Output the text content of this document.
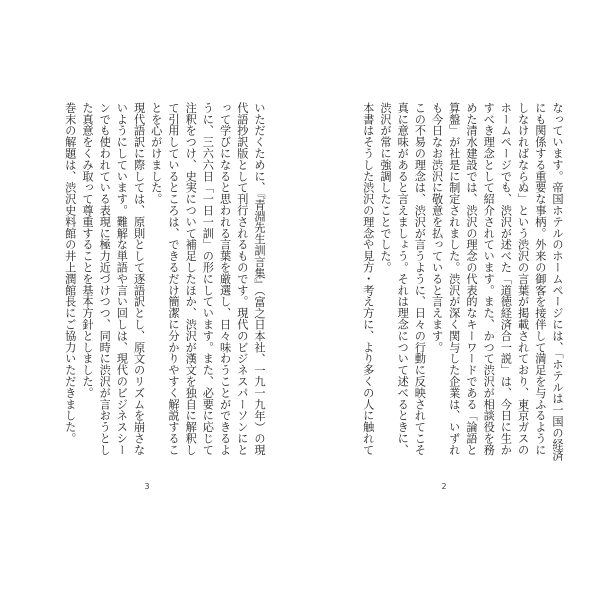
いただくために、『青淵先生訓言集』（富之日本社、一九一九年）の現代語抄訳版として刊行されるものです。現代のビジネスパーソンにとって学びになると思われる言葉を厳選し、日々味わうことができるように、三六六日「一日一訓」の形にしています。また、必要に応じて注釈をつけ、史実について補足したほか、渋沢が漢文を独自に解釈して引用しているところは、できるだけ簡潔に分かりやすく解説することを心がけました。

現代語訳に際しては、原則として逐語訳とし、原文のリズムを崩さないようにしています。難解な単語や言い回しは、現代のビジネスシーンでも使われている表現に極力近づけつつ、同時に渋沢が言おうとした真意をくみ取って尊重することを基本方針としました。

巻末の解題は、渋沢史料館の井上潤館長にご協力いただきました。

3

なっています。帝国ホテルのホームページには、「ホテルは一国の経済にも関係する重要な事柄。外来の御客を接伴して満足を与ふるようにしなければならぬ」という渋沢の言葉が掲載されており、東京ガスのホームページでも、渋沢が述べた「道徳経済合一説」は、今日に生かすべき理念として紹介されています。また、かつて渋沢が相談役を務めた清水建設では、渋沢の理念の代表的なキーワードである「論語と算盤」が社是に制定されました。渋沢が深く関与した企業は、いずれも今日なお渋沢に敬意を払っていると言えます。

この不易の理念は、渋沢が言うように、日々の行動に反映されてこそ真に意味があると言えましょう。それは理念について述べるときに、渋沢が常に強調したことでした。

本書はそうした渋沢の理念や見方・考え方に、より多くの人に触れて

2
